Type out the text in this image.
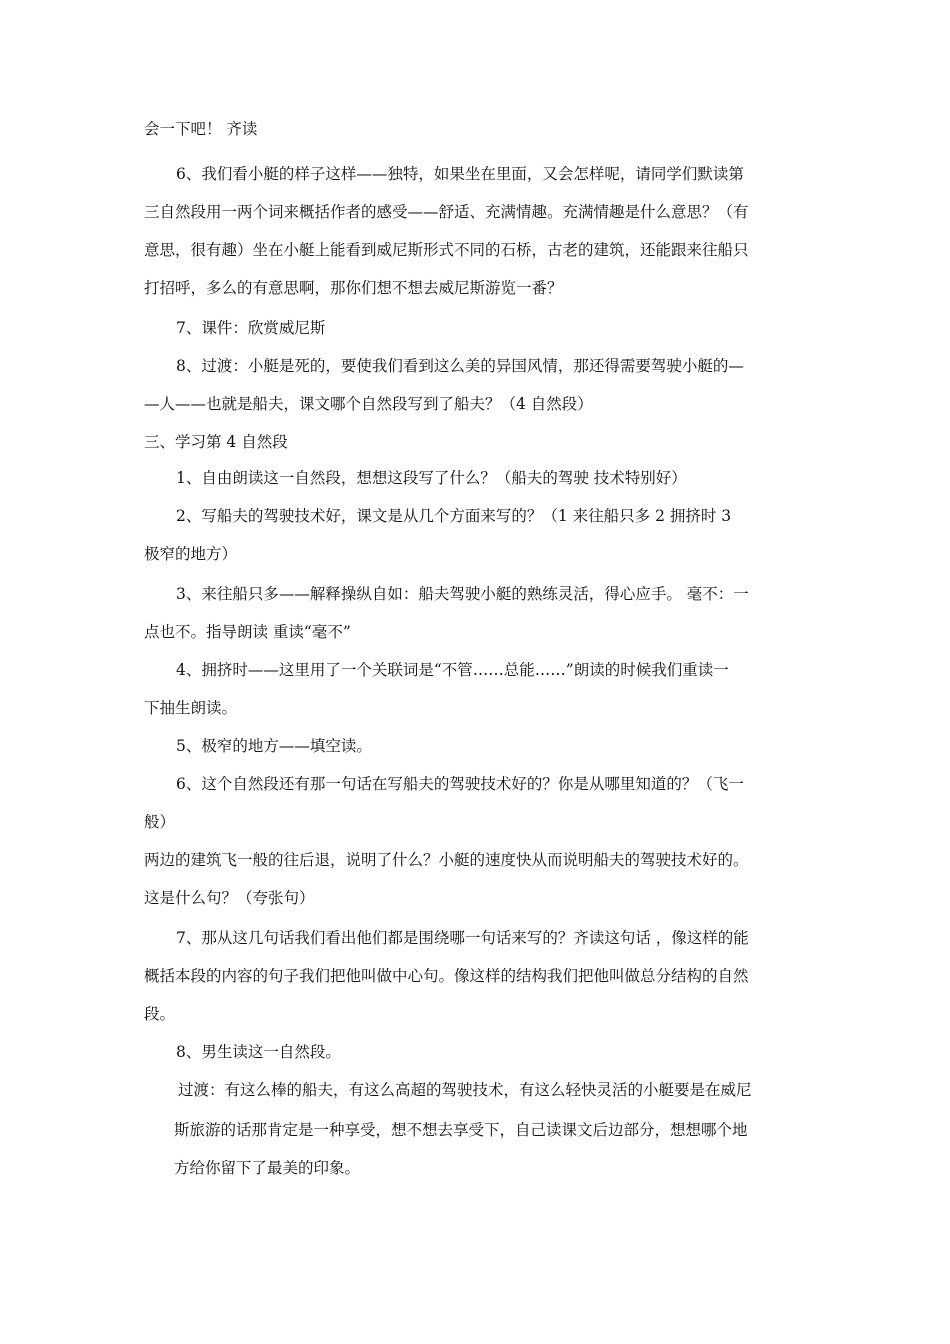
会一下吧！ 齐读
6、我们看小艇的样子这样——独特，如果坐在里面，又会怎样呢，请同学们默读第
三自然段用一两个词来概括作者的感受——舒适、充满情趣。充满情趣是什么意思？（有
意思，很有趣）坐在小艇上能看到威尼斯形式不同的石桥，古老的建筑，还能跟来往船只
打招呼，多么的有意思啊，那你们想不想去威尼斯游览一番？
7、课件：欣赏威尼斯
8、过渡：小艇是死的，要使我们看到这么美的异国风情，那还得需要驾驶小艇的—
—人——也就是船夫，课文哪个自然段写到了船夫？（4 自然段）
三、学习第 4 自然段
1、自由朗读这一自然段，想想这段写了什么？（船夫的驾驶 技术特别好）
2、写船夫的驾驶技术好，课文是从几个方面来写的？（1 来往船只多 2 拥挤时 3
极窄的地方）
3、来往船只多——解释操纵自如：船夫驾驶小艇的熟练灵活，得心应手。 毫不：一
点也不。指导朗读 重读“毫不”
4、拥挤时——这里用了一个关联词是“不管……总能……”朗读的时候我们重读一
下抽生朗读。
5、极窄的地方——填空读。
6、这个自然段还有那一句话在写船夫的驾驶技术好的？你是从哪里知道的？（飞一
般）
两边的建筑飞一般的往后退，说明了什么？小艇的速度快从而说明船夫的驾驶技术好的。
这是什么句？（夸张句）
7、那从这几句话我们看出他们都是围绕哪一句话来写的？齐读这句话 ，像这样的能
概括本段的内容的句子我们把他叫做中心句。像这样的结构我们把他叫做总分结构的自然
段。
8、男生读这一自然段。
过渡：有这么棒的船夫，有这么高超的驾驶技术，有这么轻快灵活的小艇要是在威尼
斯旅游的话那肯定是一种享受，想不想去享受下，自己读课文后边部分，想想哪个地
方给你留下了最美的印象。
